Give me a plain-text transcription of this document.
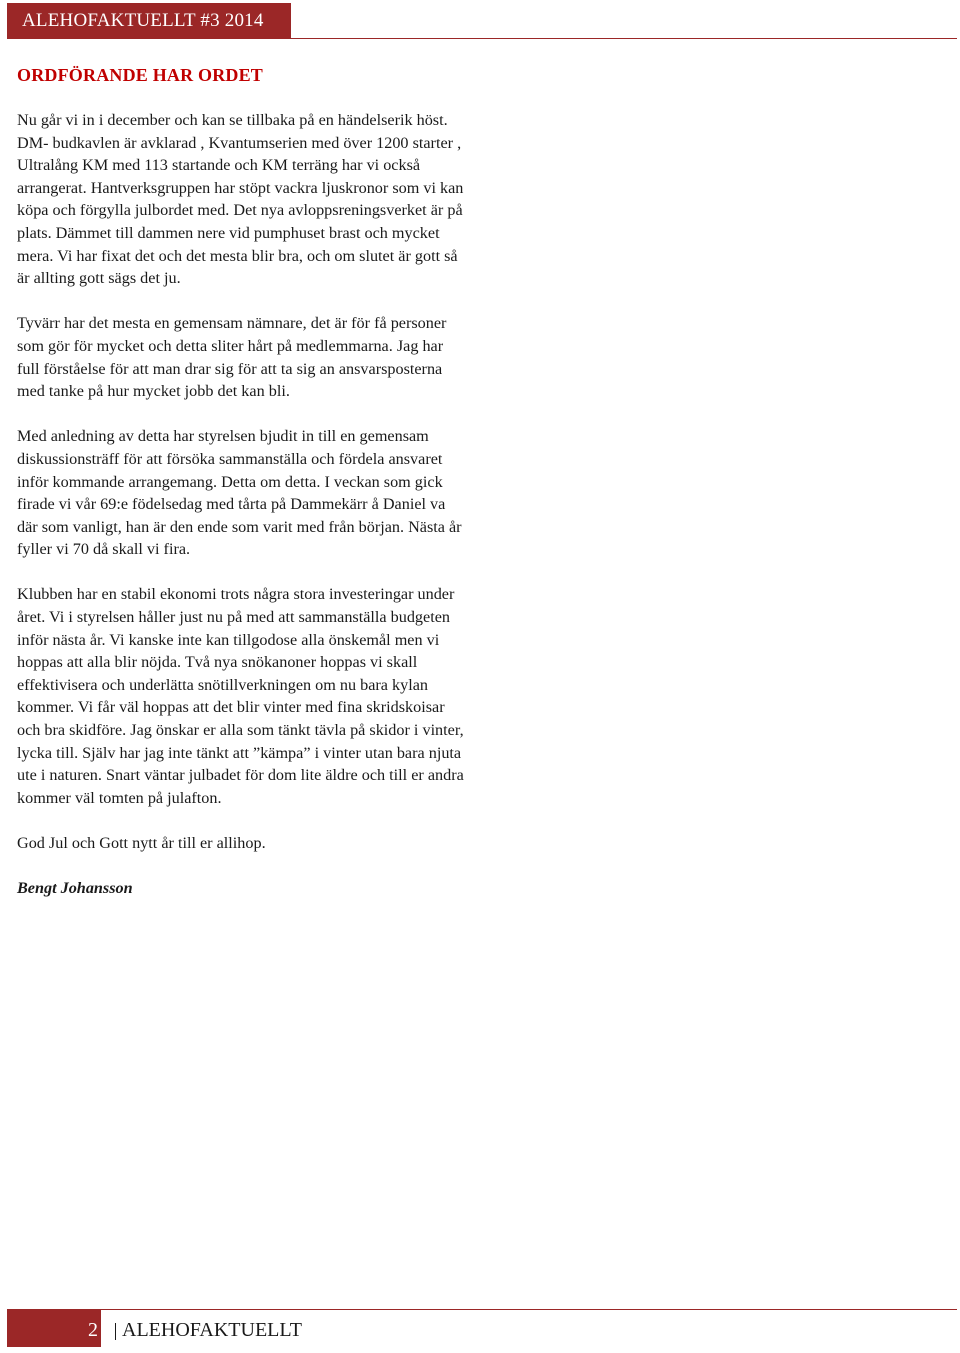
ALEHOFAKTUELLT #3 2014
ORDFÖRANDE HAR ORDET

Nu går vi in i december och kan se tillbaka på en händelserik höst. DM- budkavlen är avklarad , Kvantumserien med över 1200 starter , Ultralång KM med 113 startande och KM terräng har vi också arrangerat. Hantverksgruppen har stöpt vackra ljuskronor som vi kan köpa och förgylla julbordet med. Det nya avloppsreningsverket är på plats. Dämmet till dammen nere vid pumphuset brast och mycket mera. Vi har fixat det och det mesta blir bra, och om slutet är gott så är allting gott sägs det ju.

Tyvärr har det mesta en gemensam nämnare, det är för få personer som gör för mycket och detta sliter hårt på medlemmarna. Jag har full förståelse för att man drar sig för att ta sig an ansvarsposterna med tanke på hur mycket jobb det kan bli.

Med anledning av detta har styrelsen bjudit in till en gemensam diskussionsträff för att försöka sammanställa och fördela ansvaret inför kommande arrangemang. Detta om detta. I veckan som gick firade vi vår 69:e födelsedag med tårta på Dammekärr å Daniel va där som vanligt, han är den ende som varit med från början. Nästa år fyller vi 70 då skall vi fira.

Klubben har en stabil ekonomi trots några stora investeringar under året. Vi i styrelsen håller just nu på med att sammanställa budgeten inför nästa år. Vi kanske inte kan tillgodose alla önskemål men vi hoppas att alla blir nöjda. Två nya snökanoner hoppas vi skall effektivisera och underlätta snötillverkningen om nu bara kylan kommer. Vi får väl hoppas att det blir vinter med fina skridskoisar och bra skidföre. Jag önskar er alla som tänkt tävla på skidor i vinter, lycka till. Själv har jag inte tänkt att ”kämpa” i vinter utan bara njuta ute i naturen. Snart väntar julbadet för dom lite äldre och till er andra kommer väl tomten på julafton.

God Jul och Gott nytt år till er allihop.

Bengt Johansson

2 ALEHOFAKTUELLT
